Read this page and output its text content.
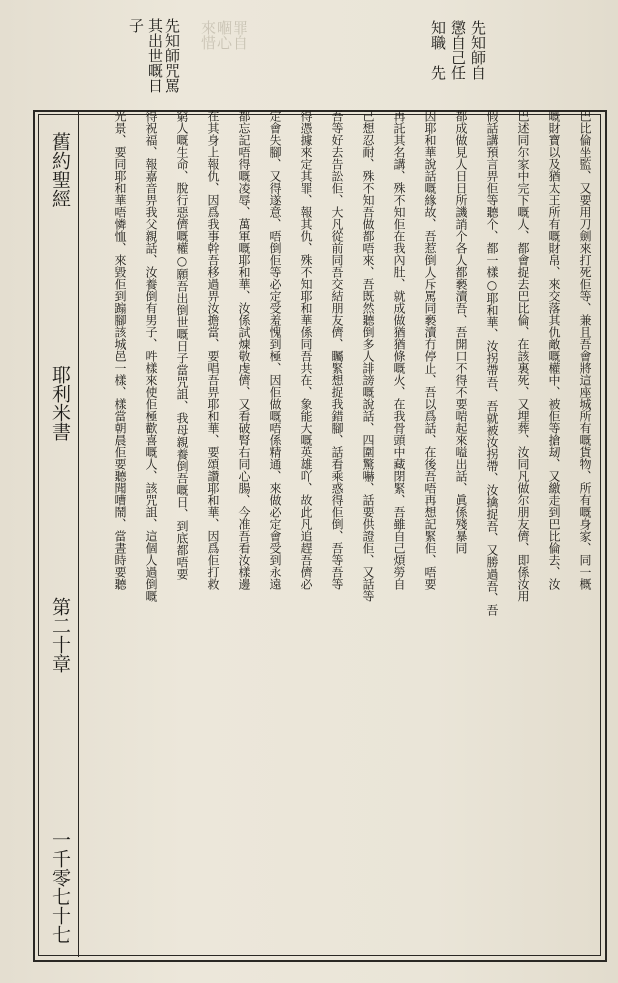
先知師自
懲自己任
知職　先
罪自
嗰心
來惜
先知師咒罵
其出世嘅日
子
舊約聖經
耶利米書
第二十章
一千零七十七
巴比倫坐監、又要用刀劍來打死佢等、兼且吾會將這座城所有嘅貨物、所有嘅身家、同一概
嘅財寶以及猶太王所有嘅財帛、來交落其仇敵嘅權中、被佢等搶刼、又繳走到巴比倫去、汝
巴述同尔家中完下嘅人、都會捉去巴比倫、在該裏死、又埋葬、汝同凡做尔朋友儕、即係汝用
假話講預言畀佢等聽个、都一樣○耶和華、汝拐帶吾、吾就被汝拐帶、汝擒捉吾、又勝過吾、吾
都成做見人日日所譏誚个各人都褻瀆吾、吾開口不得不要啱起來嗌出話、眞係殘暴同
因耶和華說話嘅緣故、吾惹倒人斥罵同褻瀆冇停止、吾以爲話、在後吾唔再想記緊佢、唔要
再託其名講、殊不知佢在我內肚、就成做猶猶條嘅火、在我骨頭中藏閉緊、吾雖自己煩勞自
己想忍耐、殊不知吾做都唔來、吾既然聽倒多人誹謗嘅說話、四圍驚嚇、話要供證佢、又話等
吾等好去告訟佢、大凡從前同吾交結朋友儕、矚緊想捉我錯腳、話看乘惑得佢倒、吾等吾等
得憑據來定其罪、報其仇、殊不知耶和華係同吾共在、象能大嘅英雄吖、故此凡追趕吾儕必
定會失腳、又得遂意、唔倒佢等必定受羞愧到極、因佢做嘅唔係精通、來做必定會受到永遠
都忘記唔得嘅凌辱、萬軍嘅耶和華、汝係試煉敬虔儕、又看破腎右同心腸、今准吾看汝樣邊
在其身上報仇、因爲我事幹吾移過畀汝擔當、要唱吾畀耶和華、要頌讚耶和華、因爲佢打救
窮人嘅生命、脫行惡儕嘅權○願吾出倒世嘅日子當咒詛、我母親養倒吾嘅日、到底都唔要
得祝福、報嘉音畀我父親話、汝養倒有男子、吽樣來使佢極歡喜嘅人、該咒詛、這個人過倒嘅
光景、要同耶和華唔憐恤、來毀佢到𨃩腳該城邑一樣、樣當朝晨佢要聽聞嘈鬧、當晝時要聽
